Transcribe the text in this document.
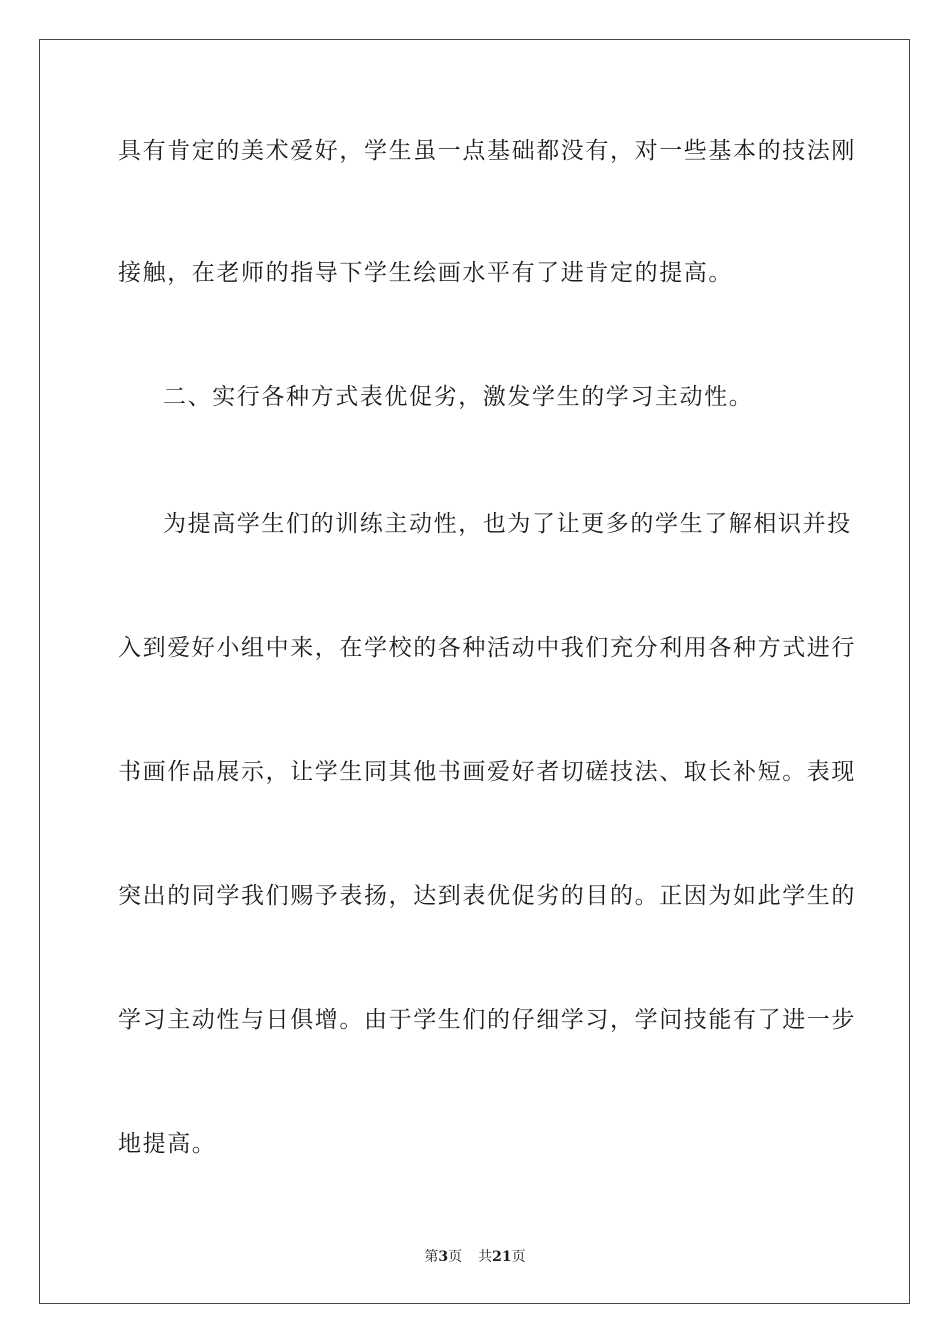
具有肯定的美术爱好，学生虽一点基础都没有，对一些基本的技法刚
接触，在老师的指导下学生绘画水平有了进肯定的提高。
二、实行各种方式表优促劣，激发学生的学习主动性。
为提高学生们的训练主动性，也为了让更多的学生了解相识并投
入到爱好小组中来，在学校的各种活动中我们充分利用各种方式进行
书画作品展示，让学生同其他书画爱好者切磋技法、取长补短。表现
突出的同学我们赐予表扬，达到表优促劣的目的。正因为如此学生的
学习主动性与日俱增。由于学生们的仔细学习，学问技能有了进一步
地提高。
第3页 共21页
